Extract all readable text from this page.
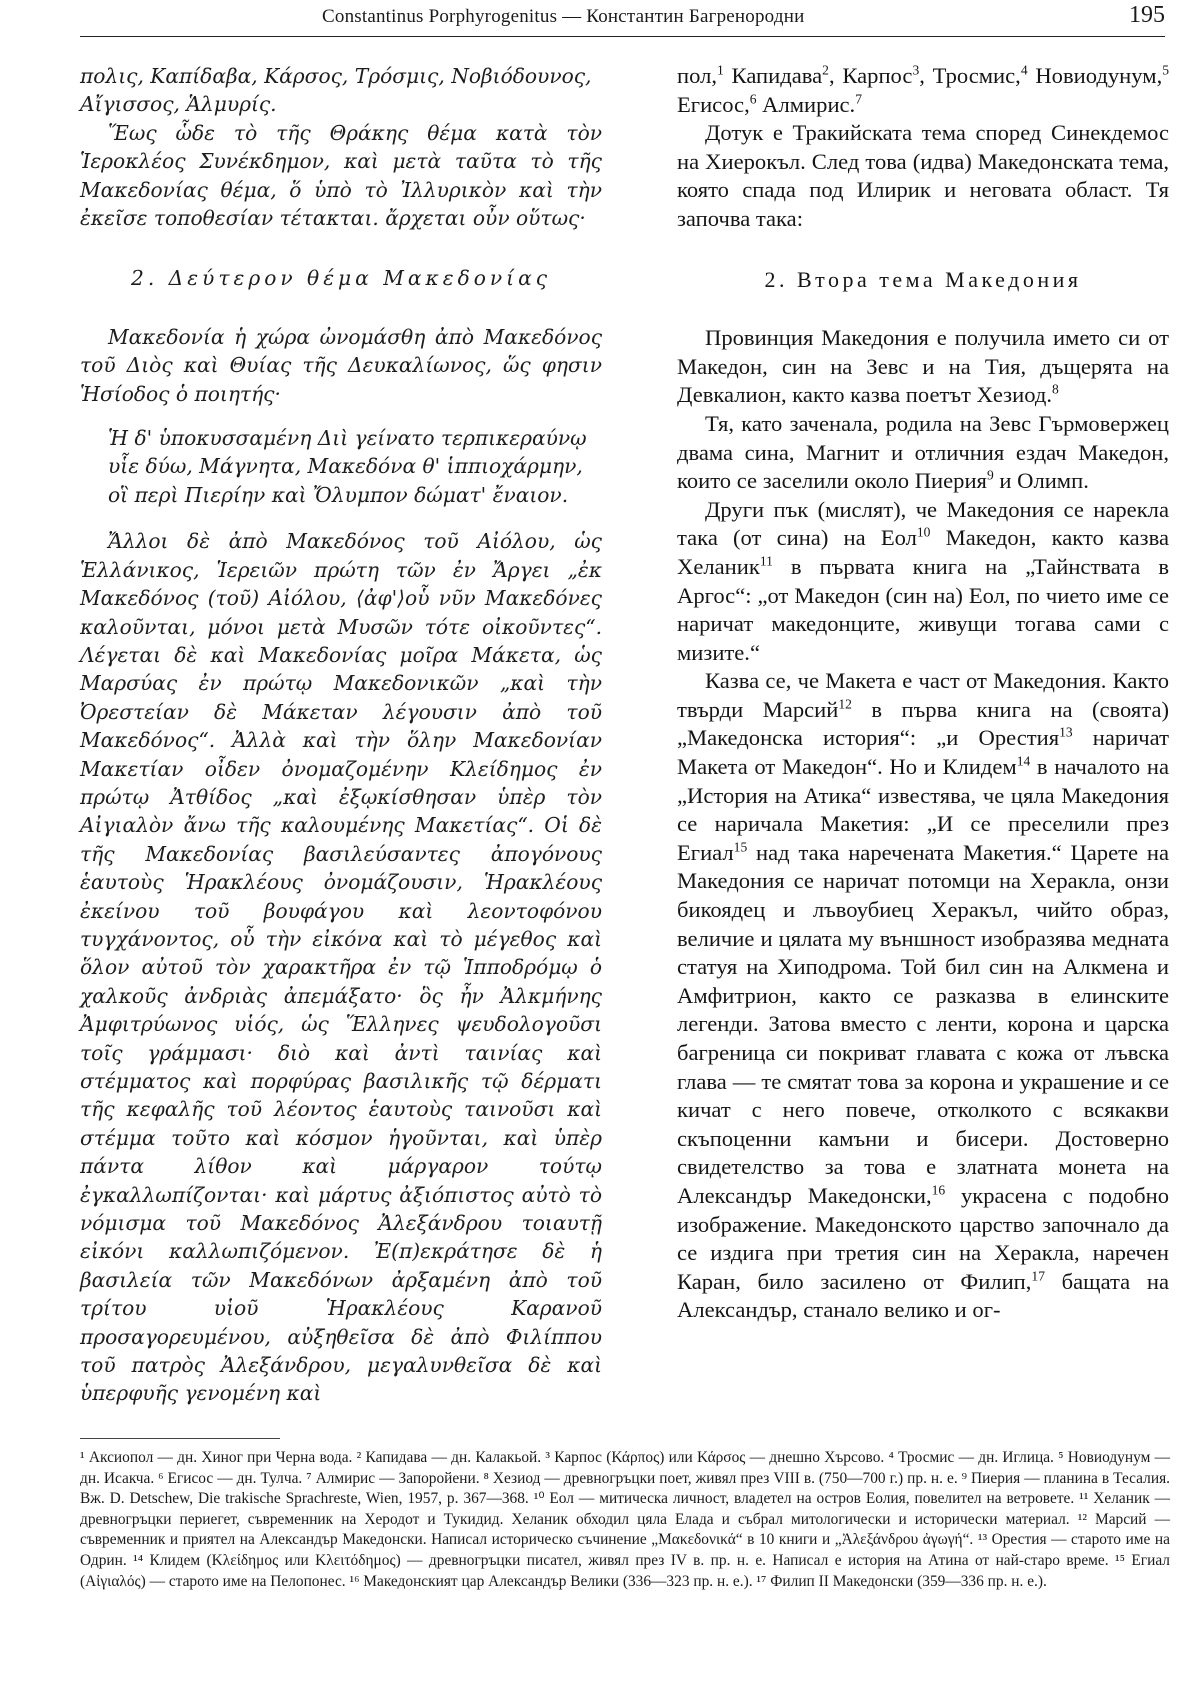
Constantinus Porphyrogenitus — Константин Багренородни	195

πολις, Καπίδαβα, Κάρσος, Τρόσμις, Νοβιόδουνος,
Αἴγισσος, Ἁλμυρίς.

Ἕως ὧδε τὸ τῆς Θράκης θέμα κατὰ τὸν Ἱεροκλέος Συνέκδημον, καὶ μετὰ ταῦτα τὸ τῆς Μακεδονίας θέμα, ὅ ὑπὸ τὸ Ἰλλυρικὸν καὶ τὴν ἐκεῖσε τοποθεσίαν τέτακται. ἄρχεται οὖν οὕτως·

2. Δεύτερον θέμα Μακεδονίας

Μακεδονία ἡ χώρα ὠνομάσθη ἀπὸ Μακεδόνος τοῦ Διὸς καὶ Θυίας τῆς Δευκαλίωνος, ὥς φησιν Ἡσίοδος ὁ ποιητής·

Ἡ δ' ὑποκυσσαμένη Διὶ γείνατο τερπικεραύνῳ
υἷε δύω, Μάγνητα, Μακεδόνα θ' ἱππιοχάρμην,
οἳ περὶ Πιερίην καὶ Ὄλυμπον δώματ' ἔναιον.

Ἄλλοι δὲ ἀπὸ Μακεδόνος τοῦ Αἰόλου, ὡς Ἑλλάνικος, Ἱερειῶν πρώτη τῶν ἐν Ἄργει „ἐκ Μακεδόνος (τοῦ) Αἰόλου, ⟨ἀφ'⟩οὗ νῦν Μακεδόνες καλοῦνται, μόνοι μετὰ Μυσῶν τότε οἰκοῦντες“. Λέγεται δὲ καὶ Μακεδονίας μοῖρα Μάκετα, ὡς Μαρσύας ἐν πρώτῳ Μακεδονικῶν „καὶ τὴν Ὀρεστείαν δὲ Μάκεταν λέγουσιν ἀπὸ τοῦ Μακεδόνος“. Ἀλλὰ καὶ τὴν ὅλην Μακεδονίαν Μακετίαν οἶδεν ὀνομαζομένην Κλείδημος ἐν πρώτῳ Ἀτθίδος „καὶ ἐξῳκίσθησαν ὑπὲρ τὸν Αἰγιαλὸν ἄνω τῆς καλουμένης Μακετίας“. Οἱ δὲ τῆς Μακεδονίας βασιλεύσαντες ἀπογόνους ἑαυτοὺς Ἡρακλέους ὀνομάζουσιν, Ἡρακλέους ἐκείνου τοῦ βουφάγου καὶ λεοντοφόνου τυγχάνοντος, οὗ τὴν εἰκόνα καὶ τὸ μέγεθος καὶ ὅλον αὐτοῦ τὸν χαρακτῆρα ἐν τῷ Ἱπποδρόμῳ ὁ χαλκοῦς ἀνδριὰς ἀπεμάξατο· ὃς ἦν Ἀλκμήνης Ἀμφιτρύωνος υἱός, ὡς Ἕλληνες ψευδολογοῦσι τοῖς γράμμασι· διὸ καὶ ἀντὶ ταινίας καὶ στέμματος καὶ πορφύρας βασιλικῆς τῷ δέρματι τῆς κεφαλῆς τοῦ λέοντος ἑαυτοὺς ταινοῦσι καὶ στέμμα τοῦτο καὶ κόσμον ἡγοῦνται, καὶ ὑπὲρ πάντα λίθον καὶ μάργαρον τούτῳ ἐγκαλλωπίζονται· καὶ μάρτυς ἀξιόπιστος αὐτὸ τὸ νόμισμα τοῦ Μακεδόνος Ἀλεξάνδρου τοιαυτῇ εἰκόνι καλλωπιζόμενον. Ἐ(π)εκράτησε δὲ ἡ βασιλεία τῶν Μακεδόνων ἀρξαμένη ἀπὸ τοῦ τρίτου υἱοῦ Ἡρακλέους Καρανοῦ προσαγορευμένου, αὐξηθεῖσα δὲ ἀπὸ Φιλίππου τοῦ πατρὸς Ἀλεξάνδρου, μεγαλυνθεῖσα δὲ καὶ ὑπερφυῆς γενομένη καὶ

пол,$^1$ Капидава$^2$, Карпос$^3$, Тросмис,$^4$ Новиодунум,$^5$ Егисос,$^6$ Алмирис.$^7$

Дотук е Тракийската тема според Синекдемос на Хиерокъл. След това (идва) Македонската тема, която спада под Илирик и неговата област. Тя започва така:

2. Втора тема Македония

Провинция Македония е получила името си от Македон, син на Зевс и на Тия, дъщерята на Девкалион, както казва поетът Хезиод.$^8$

Тя, като заченала, родила на Зевс Гърмовержец двама сина, Магнит и отличния ездач Македон, които се заселили около Пиерия$^9$ и Олимп.

Други пък (мислят), че Македония се нарекла така (от сина) на Еол$^{10}$ Македон, както казва Хеланик$^{11}$ в първата книга на „Тайнствата в Аргос“: „от Македон (син на) Еол, по чието име се наричат македонците, живущи тогава сами с мизите.“

Казва се, че Макета е част от Македония. Както твърди Марсий$^{12}$ в първа книга на (своята) „Македонска история“: „и Орестия$^{13}$ наричат Макета от Македон“. Но и Клидем$^{14}$ в началото на „История на Атика“ известява, че цяла Македония се наричала Макетия: „И се преселили през Егиал$^{15}$ над така наречената Макетия.“ Царете на Македония се наричат потомци на Херакла, онзи бикоядец и лъвоубиец Херакъл, чийто образ, величие и цялата му външност изобразява медната статуя на Хиподрома. Той бил син на Алкмена и Амфитрион, както се разказва в елинските легенди. Затова вместо с ленти, корона и царска багреница си покриват главата с кожа от лъвска глава — те смятат това за корона и украшение и се кичат с него повече, отколкото с всякакви скъпоценни камъни и бисери. Достоверно свидетелство за това е златната монета на Александър Македонски,$^{16}$ украсена с подобно изображение. Македонското царство започнало да се издига при третия син на Херакла, наречен Каран, било засилено от Филип,$^{17}$ бащата на Александър, станало велико и ог-

¹ Аксиопол — дн. Хиног при Черна вода. ² Капидава — дн. Калакьой. ³ Карпос (Κάρπος) или Κάρσος — днешно Хърсово. ⁴ Тросмис — дн. Иглица. ⁵ Новиодунум — дн. Исакча. ⁶ Егисос — дн. Тулча. ⁷ Алмирис — Запоройени. ⁸ Хезиод — древногръцки поет, живял през VIII в. (750—700 г.) пр. н. е. ⁹ Пиерия — планина в Тесалия. Вж. D. Detschew, Die trakische Sprachreste, Wien, 1957, p. 367—368. ¹⁰ Еол — митическа личност, владетел на остров Еолия, повелител на ветровете. ¹¹ Хеланик — древногръцки периегет, съвременник на Херодот и Тукидид. Хеланик обходил цяла Елада и събрал митологически и исторически материал. ¹² Марсий — съвременник и приятел на Александър Македонски. Написал историческо съчинение „Μακεδονικά“ в 10 книги и „Ἀλεξάνδρου ἀγωγή“. ¹³ Орестия — старото име на Одрин. ¹⁴ Клидем (Κλείδημος или Κλειτόδημος) — древногръцки писател, живял през IV в. пр. н. е. Написал е история на Атина от най-старо време. ¹⁵ Егиал (Αἰγιαλός) — старото име на Пелопонес. ¹⁶ Македонският цар Александър Велики (336—323 пр. н. е.). ¹⁷ Филип II Македонски (359—336 пр. н. е.).
